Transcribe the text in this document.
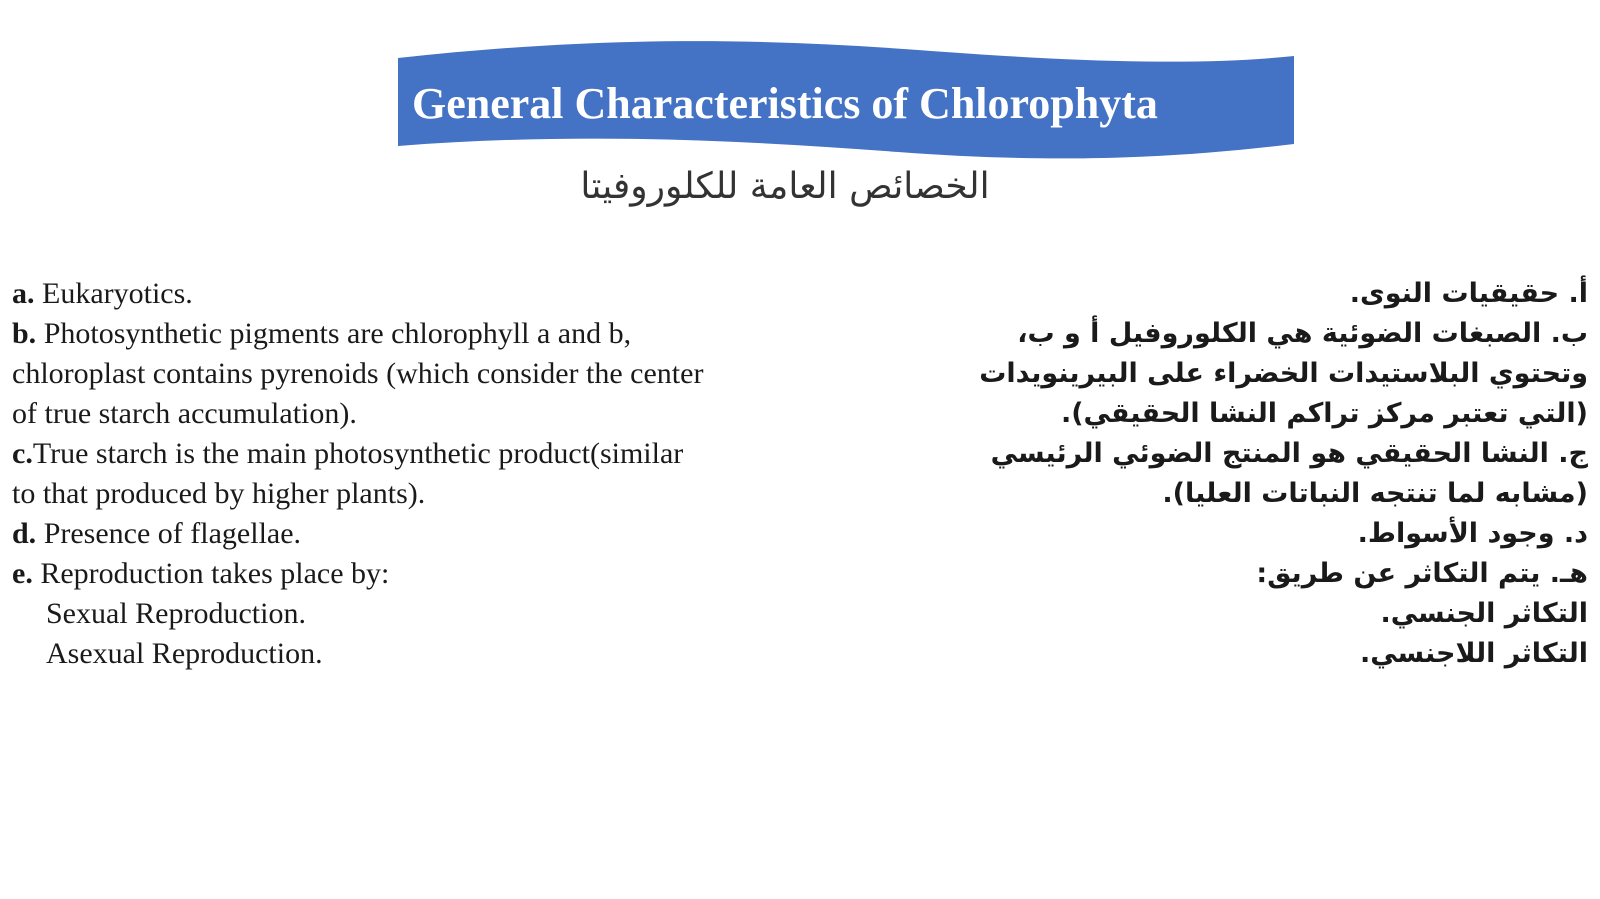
General Characteristics of Chlorophyta
الخصائص العامة للكلوروفيتا
a. Eukaryotics.
b. Photosynthetic pigments are chlorophyll a and b,
chloroplast contains pyrenoids (which consider the center
of true starch accumulation).
c.True starch is the main photosynthetic product(similar
to that produced by higher plants).
d. Presence of flagellae.
e. Reproduction takes place by:
Sexual Reproduction.
Asexual Reproduction.
أ. حقيقيات النوى.
ب. الصبغات الضوئية هي الكلوروفيل أ و ب،
وتحتوي البلاستيدات الخضراء على البيرينويدات
(التي تعتبر مركز تراكم النشا الحقيقي).
ج. النشا الحقيقي هو المنتج الضوئي الرئيسي
(مشابه لما تنتجه النباتات العليا).
د. وجود الأسواط.
هـ. يتم التكاثر عن طريق:
التكاثر الجنسي.
التكاثر اللاجنسي.
